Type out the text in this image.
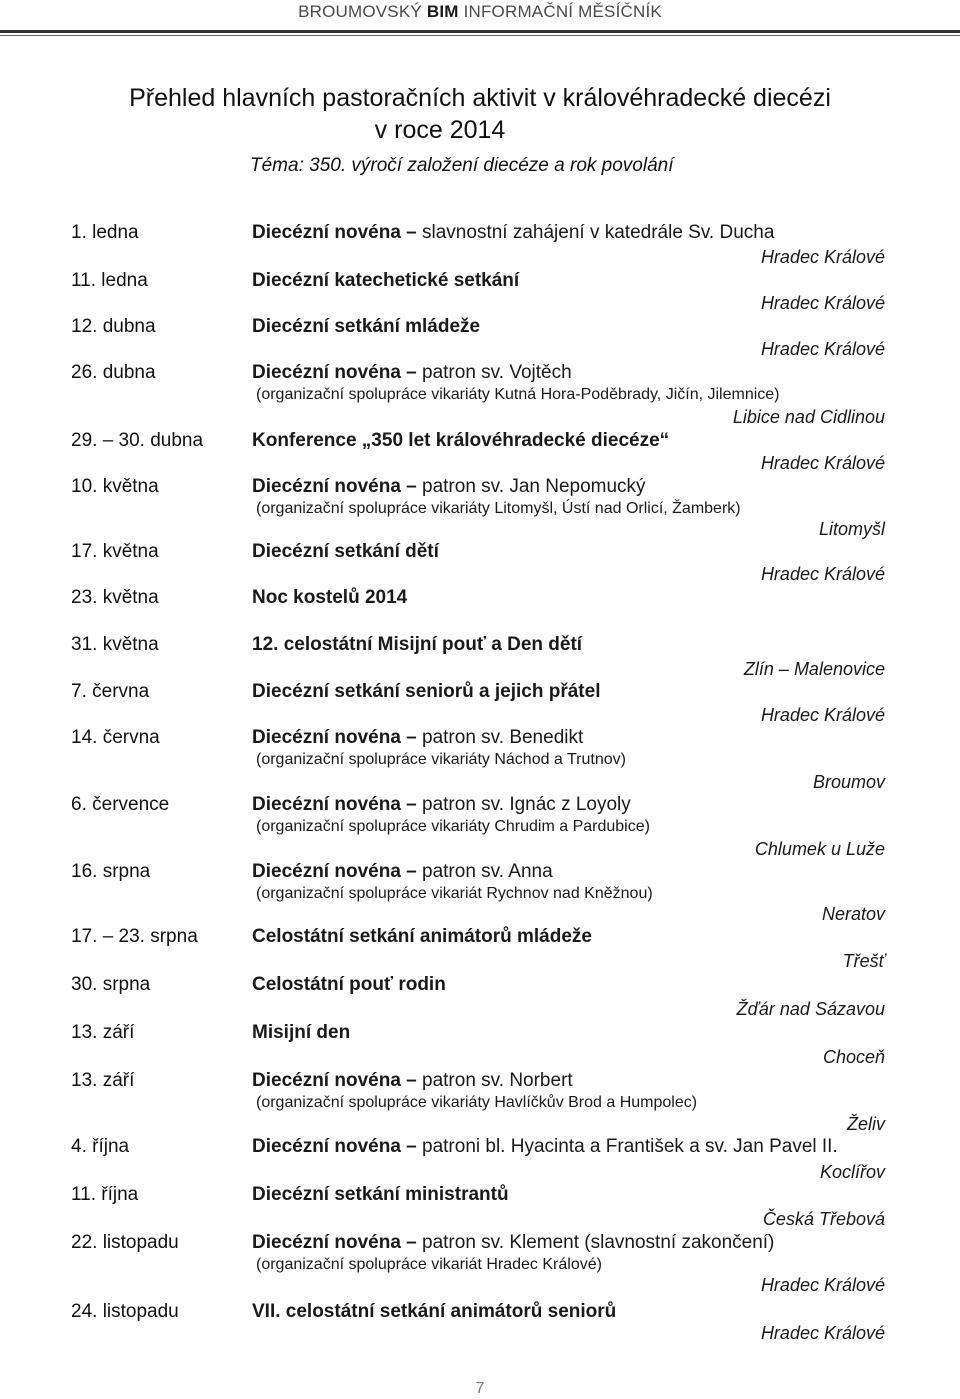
BROUMOVSKÝ BIM INFORMAČNÍ MĚSÍČNÍK
Přehled hlavních pastoračních aktivit v královéhradecké diecézi
v roce 2014
Téma: 350. výročí založení diecéze a rok povolání
1. ledna	Diecézní novéna – slavnostní zahájení v katedrále Sv. Ducha
Hradec Králové
11. ledna	Diecézní katechetické setkání
Hradec Králové
12. dubna	Diecézní setkání mládeže
Hradec Králové
26. dubna	Diecézní novéna – patron sv. Vojtěch
(organizační spolupráce vikariáty Kutná Hora-Poděbrady, Jičín, Jilemnice)
Libice nad Cidlinou
29. – 30. dubna	Konference „350 let královéhradecké diecéze“
Hradec Králové
10. května	Diecézní novéna – patron sv. Jan Nepomucký
(organizační spolupráce vikariáty Litomyšl, Ústí nad Orlicí, Žamberk)
Litomyšl
17. května	Diecézní setkání dětí
Hradec Králové
23. května	Noc kostelů 2014
31. května	12. celostátní Misijní pouť a Den dětí
Zlín – Malenovice
7. června	Diecézní setkání seniorů a jejich přátel
Hradec Králové
14. června	Diecézní novéna – patron sv. Benedikt
(organizační spolupráce vikariáty Náchod a Trutnov)
Broumov
6. července	Diecézní novéna – patron sv. Ignác z Loyoly
(organizační spolupráce vikariáty Chrudim a Pardubice)
Chlumek u Luže
16. srpna	Diecézní novéna – patron sv. Anna
(organizační spolupráce vikariát Rychnov nad Kněžnou)
Neratov
17. – 23. srpna	Celostátní setkání animátorů mládeže
Třešť
30. srpna	Celostátní pouť rodin
Žďár nad Sázavou
13. září	Misijní den
Choceň
13. září	Diecézní novéna – patron sv. Norbert
(organizační spolupráce vikariáty Havlíčkův Brod a Humpolec)
Želiv
4. října	Diecézní novéna – patroni bl. Hyacinta a František a sv. Jan Pavel II.
Koclířov
11. října	Diecézní setkání ministrantů
Česká Třebová
22. listopadu	Diecézní novéna – patron sv. Klement (slavnostní zakončení)
(organizační spolupráce vikariát Hradec Králové)
Hradec Králové
24. listopadu	VII. celostátní setkání animátorů seniorů
Hradec Králové
7
